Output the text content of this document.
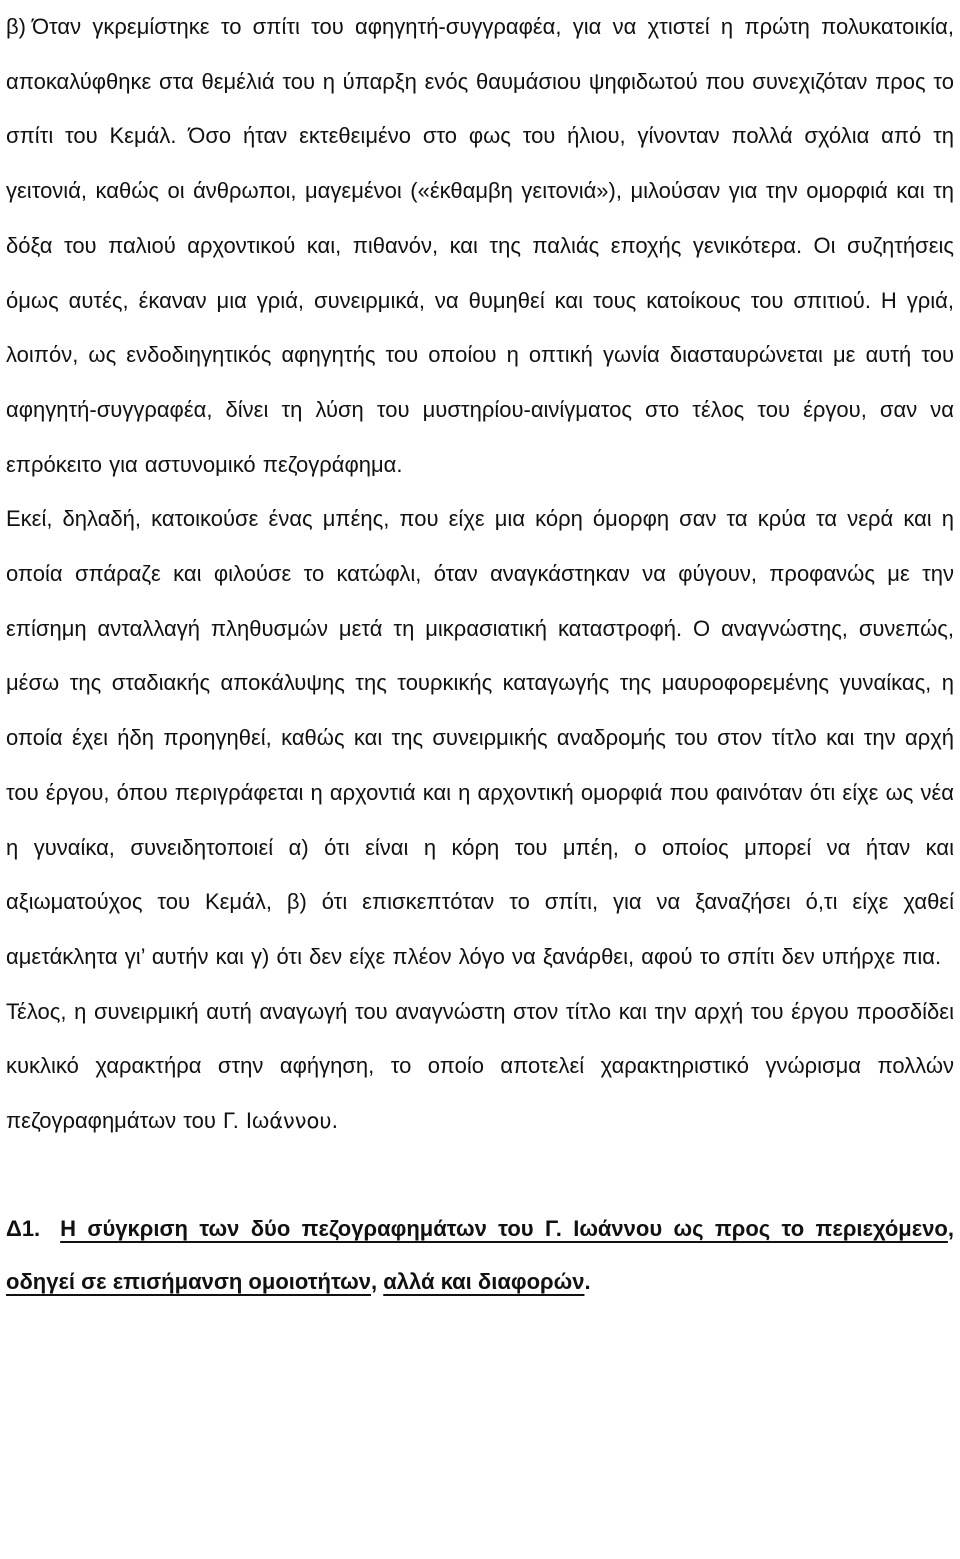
β) Όταν γκρεμίστηκε το σπίτι του αφηγητή-συγγραφέα, για να χτιστεί η πρώτη πολυκατοικία, αποκαλύφθηκε στα θεμέλιά του η ύπαρξη ενός θαυμάσιου ψηφιδωτού που συνεχιζόταν προς το σπίτι του Κεμάλ. Όσο ήταν εκτεθειμένο στο φως του ήλιου, γίνονταν πολλά σχόλια από τη γειτονιά, καθώς οι άνθρωποι, μαγεμένοι («έκθαμβη γειτονιά»), μιλούσαν για την ομορφιά και τη δόξα του παλιού αρχοντικού και, πιθανόν, και της παλιάς εποχής γενικότερα. Οι συζητήσεις όμως αυτές, έκαναν μια γριά, συνειρμικά, να θυμηθεί και τους κατοίκους του σπιτιού. Η γριά, λοιπόν, ως ενδοδιηγητικός αφηγητής του οποίου η οπτική γωνία διασταυρώνεται με αυτή του αφηγητή-συγγραφέα, δίνει τη λύση του μυστηρίου-αινίγματος στο τέλος του έργου, σαν να επρόκειτο για αστυνομικό πεζογράφημα.

Εκεί, δηλαδή, κατοικούσε ένας μπέης, που είχε μια κόρη όμορφη σαν τα κρύα τα νερά και η οποία σπάραζε και φιλούσε το κατώφλι, όταν αναγκάστηκαν να φύγουν, προφανώς με την επίσημη ανταλλαγή πληθυσμών μετά τη μικρασιατική καταστροφή. Ο αναγνώστης, συνεπώς, μέσω της σταδιακής αποκάλυψης της τουρκικής καταγωγής της μαυροφορεμένης γυναίκας, η οποία έχει ήδη προηγηθεί, καθώς και της συνειρμικής αναδρομής του στον τίτλο και την αρχή του έργου, όπου περιγράφεται η αρχοντιά και η αρχοντική ομορφιά που φαινόταν ότι είχε ως νέα η γυναίκα, συνειδητοποιεί α) ότι είναι η κόρη του μπέη, ο οποίος μπορεί να ήταν και αξιωματούχος του Κεμάλ, β) ότι επισκεπτόταν το σπίτι, για να ξαναζήσει ό,τι είχε χαθεί αμετάκλητα γι’ αυτήν και γ) ότι δεν είχε πλέον λόγο να ξανάρθει, αφού το σπίτι δεν υπήρχε πια.

Τέλος, η συνειρμική αυτή αναγωγή του αναγνώστη στον τίτλο και την αρχή του έργου προσδίδει κυκλικό χαρακτήρα στην αφήγηση, το οποίο αποτελεί χαρακτηριστικό γνώρισμα πολλών πεζογραφημάτων του Γ. Ιωάννου.

Δ1. Η σύγκριση των δύο πεζογραφημάτων του Γ. Ιωάννου ως προς το περιεχόμενο, οδηγεί σε επισήμανση ομοιοτήτων, αλλά και διαφορών.
